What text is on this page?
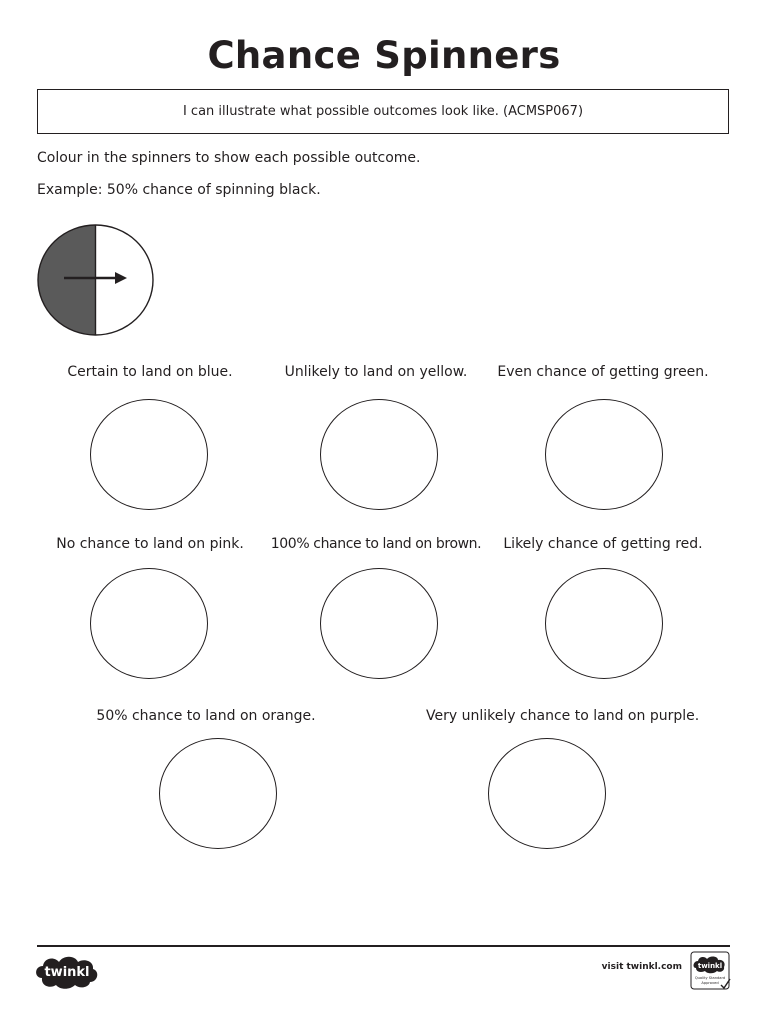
Chance Spinners
I can illustrate what possible outcomes look like. (ACMSP067)
Colour in the spinners to show each possible outcome.
Example: 50% chance of spinning black.
Certain to land on blue.	Unlikely to land on yellow.	Even chance of getting green.
No chance to land on pink.	100% chance to land on brown.	Likely chance of getting red.
50% chance to land on orange.	Very unlikely chance to land on purple.
twinkl	visit twinkl.com twinkl
Quality Standard
Approved
